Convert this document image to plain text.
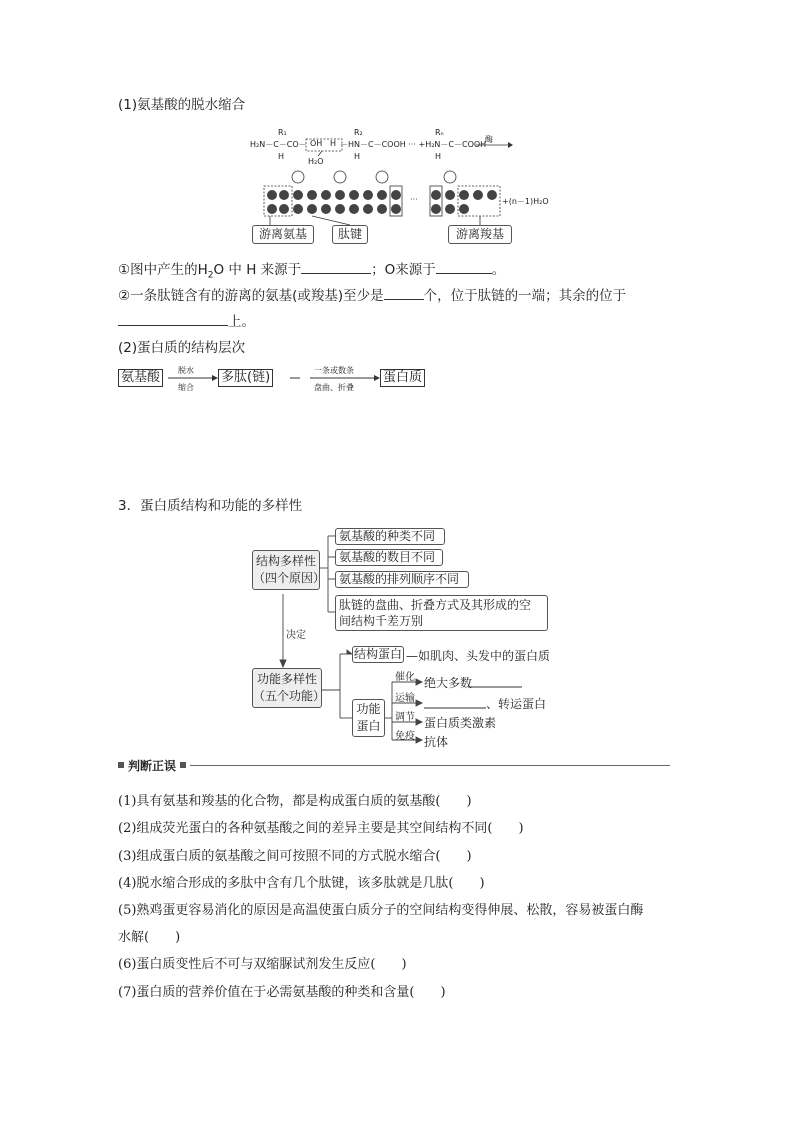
(1)氨基酸的脱水缩合
R₁	R₂	Rₙ
H₂N－C－CO－ OH H －HN－C－COOH ··· +H₂N－C－COOH
H	H	H
H₂O
酶
···	+(n－1)H₂O
游离氨基	肽键	游离羧基
①图中产生的$H_2O$ 中 H 来源于	；O来源于	。
②一条肽链含有的游离的氨基(或羧基)至少是	个，位于肽链的一端；其余的位于
上。
(2)蛋白质的结构层次
氨基酸	脱水
缩合
多肽(链)	一条或数条
盘曲、折叠
蛋白质
3．蛋白质结构和功能的多样性
结构多样性
（四个原因）
氨基酸的种类不同
氨基酸的数目不同
氨基酸的排列顺序不同
肽链的盘曲、折叠方式及其形成的空
间结构千差万别
决定
功能多样性
（五个功能）
结构蛋白 —如肌肉、头发中的蛋白质
功能
蛋白
催化 绝大多数
运输	、转运蛋白
调节 蛋白质类激素
免疫 抗体
判断正误
(1)具有氨基和羧基的化合物，都是构成蛋白质的氨基酸(　　)
(2)组成荧光蛋白的各种氨基酸之间的差异主要是其空间结构不同(　　)
(3)组成蛋白质的氨基酸之间可按照不同的方式脱水缩合(　　)
(4)脱水缩合形成的多肽中含有几个肽键，该多肽就是几肽(　　)
(5)熟鸡蛋更容易消化的原因是高温使蛋白质分子的空间结构变得伸展、松散，容易被蛋白酶
水解(　　)
(6)蛋白质变性后不可与双缩脲试剂发生反应(　　)
(7)蛋白质的营养价值在于必需氨基酸的种类和含量(　　)
